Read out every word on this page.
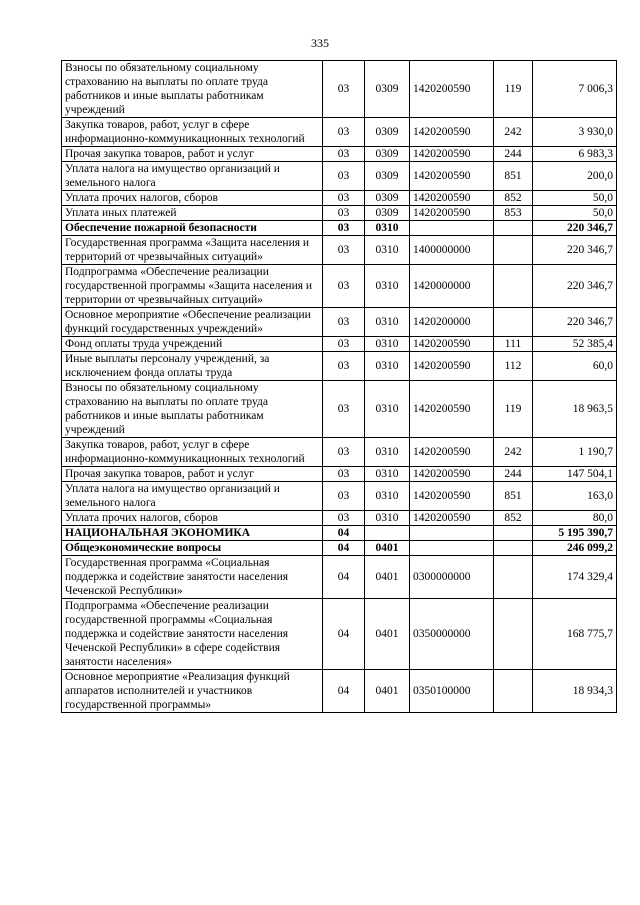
335
Взносы по обязательному социальному страхованию на выплаты по оплате труда работников и иные выплаты работникам учреждений	03	0309	1420200590	119	7 006,3
Закупка товаров, работ, услуг в сфере информационно-коммуникационных технологий	03	0309	1420200590	242	3 930,0
Прочая закупка товаров, работ и услуг	03	0309	1420200590	244	6 983,3
Уплата налога на имущество организаций и земельного налога	03	0309	1420200590	851	200,0
Уплата прочих налогов, сборов	03	0309	1420200590	852	50,0
Уплата иных платежей	03	0309	1420200590	853	50,0
Обеспечение пожарной безопасности	03	0310			220 346,7
Государственная программа «Защита населения и территорий от чрезвычайных ситуаций»	03	0310	1400000000		220 346,7
Подпрограмма «Обеспечение реализации государственной программы «Защита населения и территории от чрезвычайных ситуаций»	03	0310	1420000000		220 346,7
Основное мероприятие «Обеспечение реализации функций государственных учреждений»	03	0310	1420200000		220 346,7
Фонд оплаты труда учреждений	03	0310	1420200590	111	52 385,4
Иные выплаты персоналу учреждений, за исключением фонда оплаты труда	03	0310	1420200590	112	60,0
Взносы по обязательному социальному страхованию на выплаты по оплате труда работников и иные выплаты работникам учреждений	03	0310	1420200590	119	18 963,5
Закупка товаров, работ, услуг в сфере информационно-коммуникационных технологий	03	0310	1420200590	242	1 190,7
Прочая закупка товаров, работ и услуг	03	0310	1420200590	244	147 504,1
Уплата налога на имущество организаций и земельного налога	03	0310	1420200590	851	163,0
Уплата прочих налогов, сборов	03	0310	1420200590	852	80,0
НАЦИОНАЛЬНАЯ ЭКОНОМИКА	04				5 195 390,7
Общеэкономические вопросы	04	0401			246 099,2
Государственная программа «Социальная поддержка и содействие занятости населения Чеченской Республики»	04	0401	0300000000		174 329,4
Подпрограмма «Обеспечение реализации государственной программы «Социальная поддержка и содействие занятости населения Чеченской Республики» в сфере содействия занятости населения»	04	0401	0350000000		168 775,7
Основное мероприятие «Реализация функций аппаратов исполнителей и участников государственной программы»	04	0401	0350100000		18 934,3
